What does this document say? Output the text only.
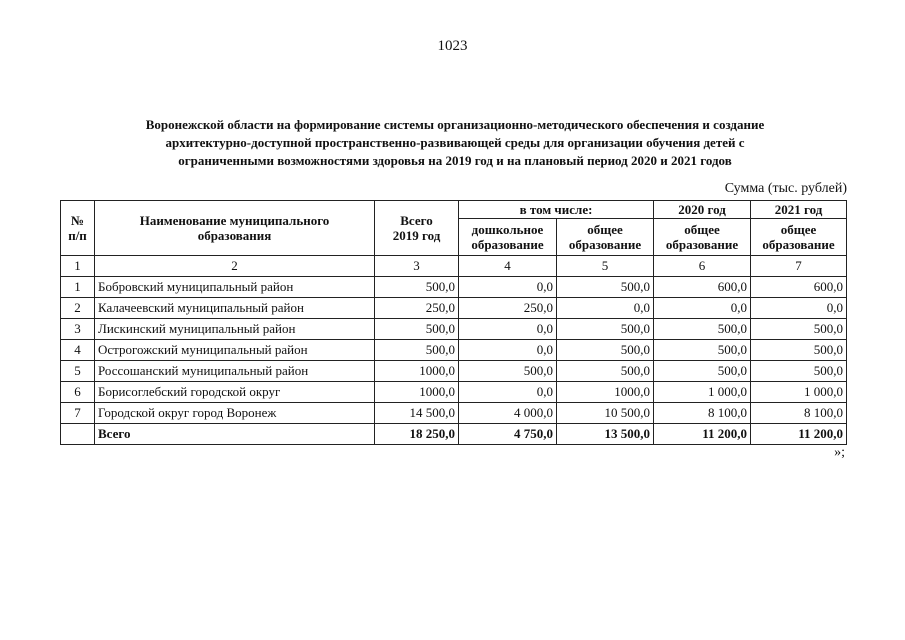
1023
Воронежской области на формирование системы организационно-методического обеспечения и создание
архитектурно-доступной пространственно-развивающей среды для организации обучения детей с
ограниченными возможностями здоровья на 2019 год и на плановый период 2020 и 2021 годов
Сумма (тыс. рублей)
№ п/п	Наименование муниципального образования	Всего 2019 год	в том числе:		2020 год	2021 год
			дошкольное образование	общее образование	общее образование	общее образование
1	2	3	4	5	6	7
1	Бобровский муниципальный район	500,0	0,0	500,0	600,0	600,0
2	Калачеевский муниципальный район	250,0	250,0	0,0	0,0	0,0
3	Лискинский муниципальный район	500,0	0,0	500,0	500,0	500,0
4	Острогожский муниципальный район	500,0	0,0	500,0	500,0	500,0
5	Россошанский муниципальный район	1000,0	500,0	500,0	500,0	500,0
6	Борисоглебский городской округ	1000,0	0,0	1000,0	1 000,0	1 000,0
7	Городской округ город Воронеж	14 500,0	4 000,0	10 500,0	8 100,0	8 100,0
	Всего	18 250,0	4 750,0	13 500,0	11 200,0	11 200,0
»;
